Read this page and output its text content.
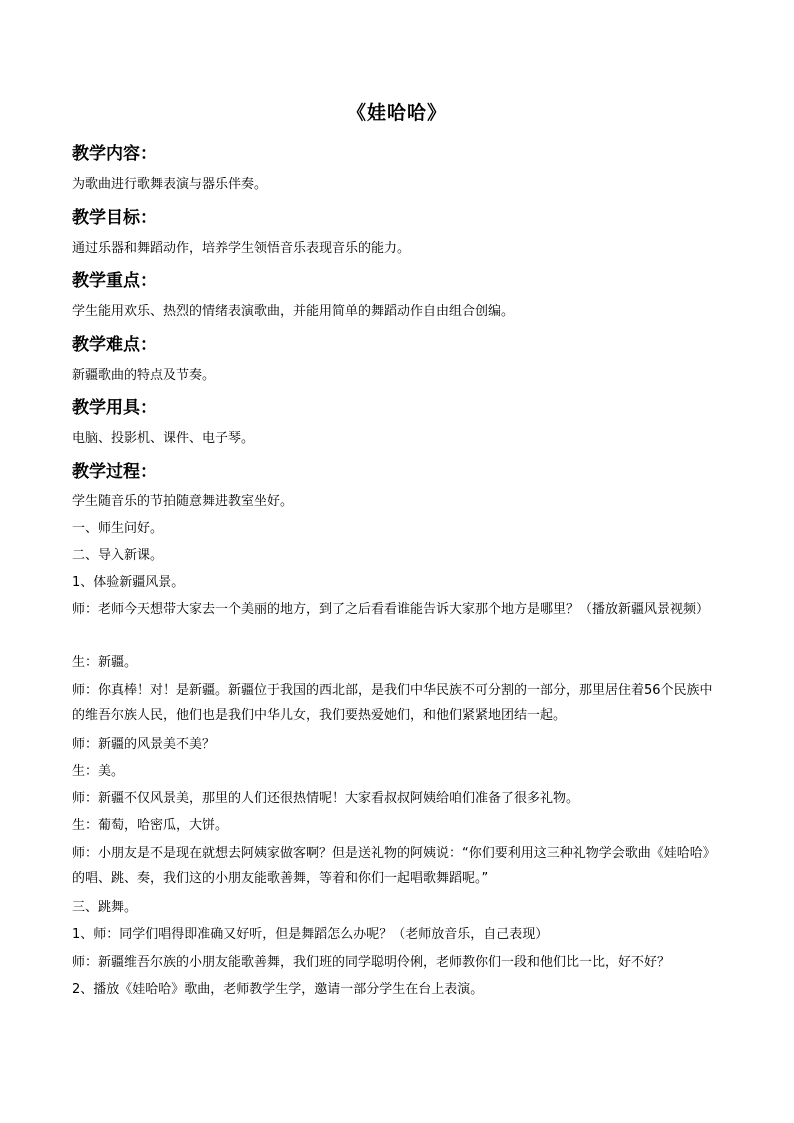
《娃哈哈》
教学内容：
为歌曲进行歌舞表演与器乐伴奏。
教学目标：
通过乐器和舞蹈动作，培养学生领悟音乐表现音乐的能力。
教学重点：
学生能用欢乐、热烈的情绪表演歌曲，并能用简单的舞蹈动作自由组合创编。
教学难点：
新疆歌曲的特点及节奏。
教学用具：
电脑、投影机、课件、电子琴。
教学过程：
学生随音乐的节拍随意舞进教室坐好。
一、师生问好。
二、导入新课。
1、体验新疆风景。
师：老师今天想带大家去一个美丽的地方，到了之后看看谁能告诉大家那个地方是哪里？（播放新疆风景视频）
生：新疆。
师：你真棒！对！是新疆。新疆位于我国的西北部，是我们中华民族不可分割的一部分，那里居住着56个民族中的维吾尔族人民，他们也是我们中华儿女，我们要热爱她们，和他们紧紧地团结一起。
师：新疆的风景美不美？
生：美。
师：新疆不仅风景美，那里的人们还很热情呢！大家看叔叔阿姨给咱们准备了很多礼物。
生：葡萄，哈密瓜，大饼。
师：小朋友是不是现在就想去阿姨家做客啊？但是送礼物的阿姨说：“你们要利用这三种礼物学会歌曲《娃哈哈》的唱、跳、奏，我们这的小朋友能歌善舞，等着和你们一起唱歌舞蹈呢。”
三、跳舞。
1、师：同学们唱得即准确又好听，但是舞蹈怎么办呢？（老师放音乐，自己表现）
师：新疆维吾尔族的小朋友能歌善舞，我们班的同学聪明伶俐，老师教你们一段和他们比一比，好不好？
2、播放《娃哈哈》歌曲，老师教学生学，邀请一部分学生在台上表演。
